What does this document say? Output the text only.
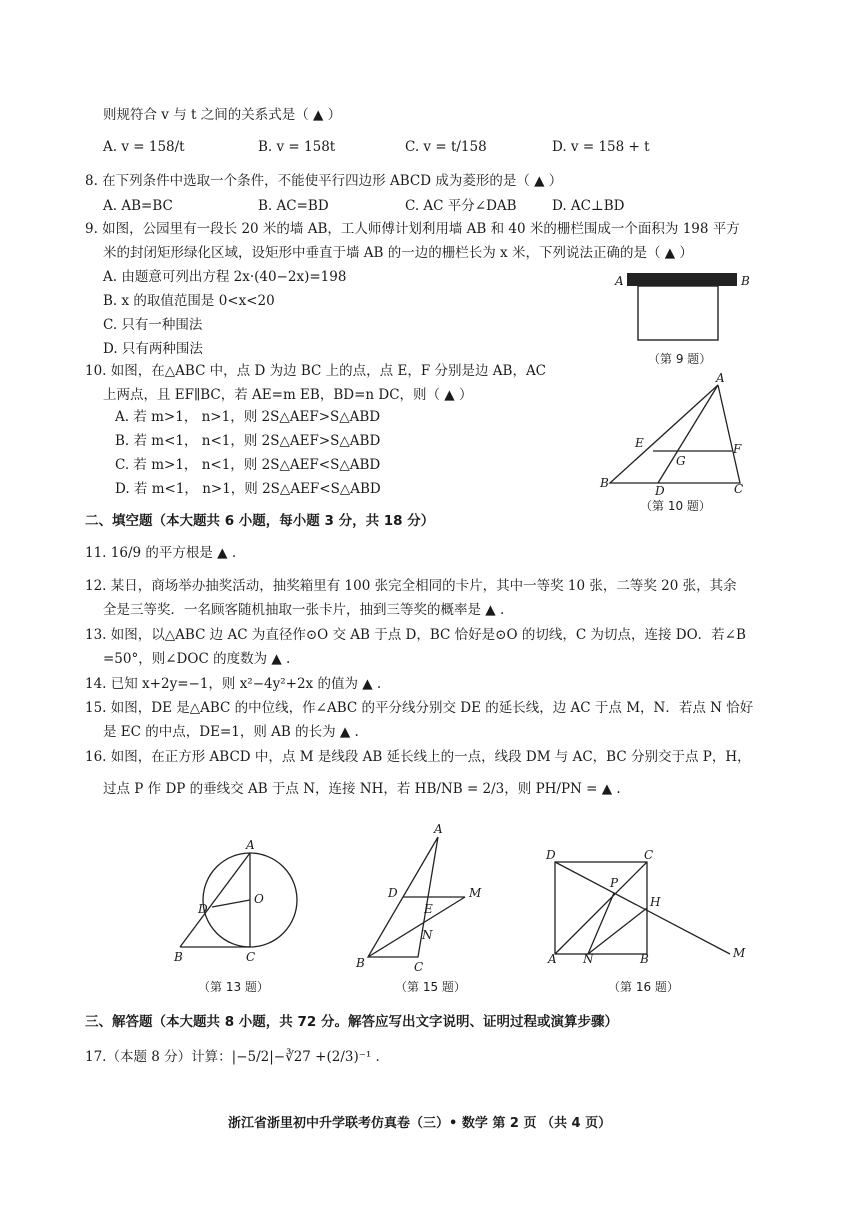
则规符合 v 与 t 之间的关系式是（ ▲ ）
A. v = 158/t	B. v = 158t	C. v = t/158	D. v = 158 + t
8. 在下列条件中选取一个条件，不能使平行四边形 ABCD 成为菱形的是（ ▲ ）
A. AB=BC	B. AC=BD	C. AC 平分∠DAB	D. AC⊥BD
9. 如图，公园里有一段长 20 米的墙 AB，工人师傅计划利用墙 AB 和 40 米的栅栏围成一个面积为 198 平方
米的封闭矩形绿化区域，设矩形中垂直于墙 AB 的一边的栅栏长为 x 米，下列说法正确的是（ ▲ ）
A. 由题意可列出方程 2x·(40−2x)=198
B. x 的取值范围是 0<x<20
C. 只有一种围法
D. 只有两种围法
A	B
（第 9 题）
10. 如图，在△ABC 中，点 D 为边 BC 上的点，点 E，F 分别是边 AB，AC
上两点，且 EF∥BC，若 AE=m EB，BD=n DC，则（ ▲ ）
A. 若 m>1， n>1，则 2S△AEF>S△ABD
B. 若 m<1， n<1，则 2S△AEF>S△ABD
C. 若 m>1， n<1，则 2S△AEF<S△ABD
D. 若 m<1， n>1，则 2S△AEF<S△ABD
A
E	F
G
B
D	C
（第 10 题）
二、填空题（本大题共 6 小题，每小题 3 分，共 18 分）
11. 16/9 的平方根是 ▲ .
12. 某日，商场举办抽奖活动，抽奖箱里有 100 张完全相同的卡片，其中一等奖 10 张，二等奖 20 张，其余
全是三等奖．一名顾客随机抽取一张卡片，抽到三等奖的概率是 ▲ .
13. 如图，以△ABC 边 AC 为直径作⊙O 交 AB 于点 D，BC 恰好是⊙O 的切线，C 为切点，连接 DO．若∠B
=50°，则∠DOC 的度数为 ▲ .
14. 已知 x+2y=−1，则 x²−4y²+2x 的值为 ▲ .
15. 如图，DE 是△ABC 的中位线，作∠ABC 的平分线分别交 DE 的延长线，边 AC 于点 M，N．若点 N 恰好
是 EC 的中点，DE=1，则 AB 的长为 ▲ .
16. 如图，在正方形 ABCD 中，点 M 是线段 AB 延长线上的一点，线段 DM 与 AC，BC 分别交于点 P，H，
过点 P 作 DP 的垂线交 AB 于点 N，连接 NH，若 HB/NB = 2/3，则 PH/PN = ▲ .
A
O
D
B	C
（第 13 题）
A
D	M
E
N
B	C
（第 15 题）
D	C
P
H
A N	B	M
（第 16 题）
三、解答题（本大题共 8 小题，共 72 分。解答应写出文字说明、证明过程或演算步骤）
17.（本题 8 分）计算：|−5/2|−∛27 +(2/3)⁻¹ .
浙江省浙里初中升学联考仿真卷（三）• 数学 第 2 页 （共 4 页）
